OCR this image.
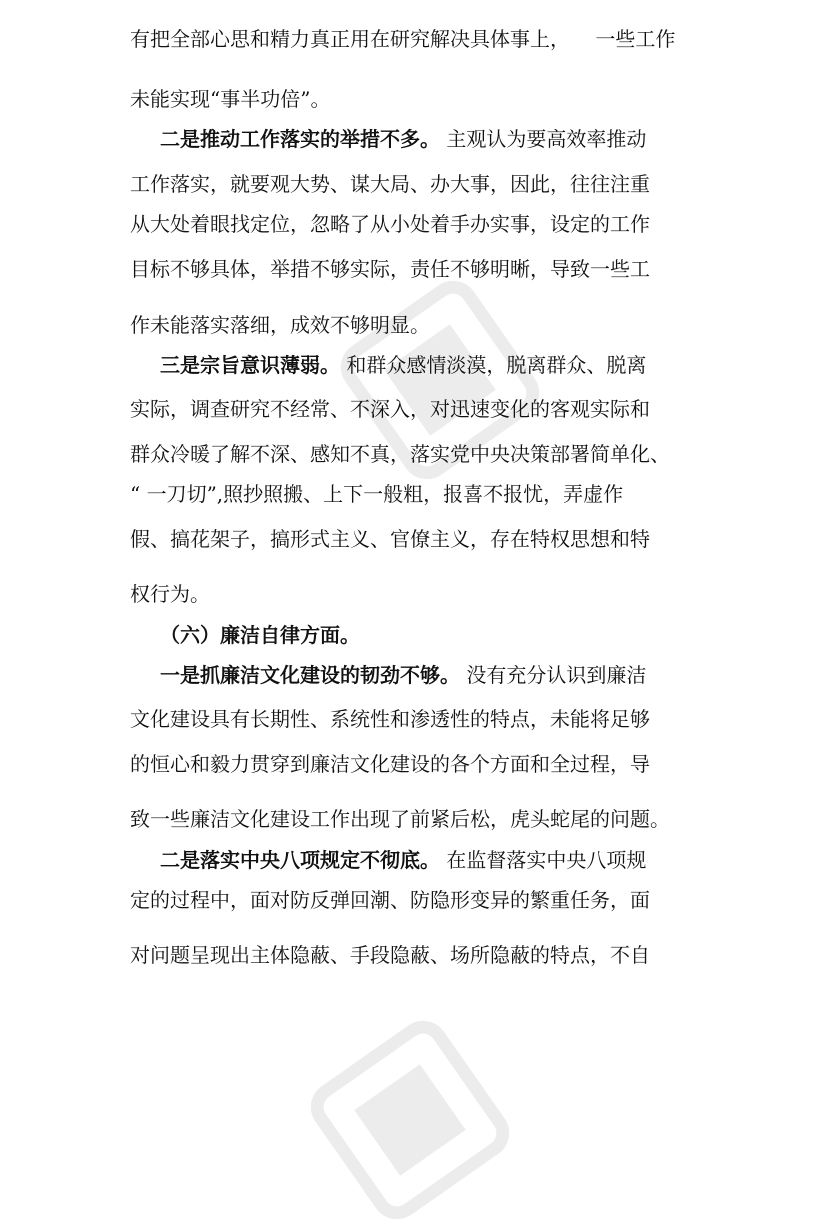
有把全部心思和精力真正用在研究解决具体事上，    一些工作
未能实现“事半功倍”。
二是推动工作落实的举措不多。 主观认为要高效率推动
工作落实，就要观大势、谋大局、办大事，因此，往往注重
从大处着眼找定位，忽略了从小处着手办实事，设定的工作
目标不够具体，举措不够实际，责任不够明晰，导致一些工
作未能落实落细，成效不够明显。
三是宗旨意识薄弱。 和群众感情淡漠，脱离群众、脱离
实际，调查研究不经常、不深入，对迅速变化的客观实际和
群众冷暖了解不深、感知不真，落实党中央决策部署简单化、
“ 一刀切”,照抄照搬、上下一般粗，报喜不报忧，弄虚作
假、搞花架子，搞形式主义、官僚主义，存在特权思想和特
权行为。
（六）廉洁自律方面。
一是抓廉洁文化建设的韧劲不够。 没有充分认识到廉洁
文化建设具有长期性、系统性和渗透性的特点，未能将足够
的恒心和毅力贯穿到廉洁文化建设的各个方面和全过程，导
致一些廉洁文化建设工作出现了前紧后松，虎头蛇尾的问题。
二是落实中央八项规定不彻底。 在监督落实中央八项规
定的过程中，面对防反弹回潮、防隐形变异的繁重任务，面
对问题呈现出主体隐蔽、手段隐蔽、场所隐蔽的特点，不自
